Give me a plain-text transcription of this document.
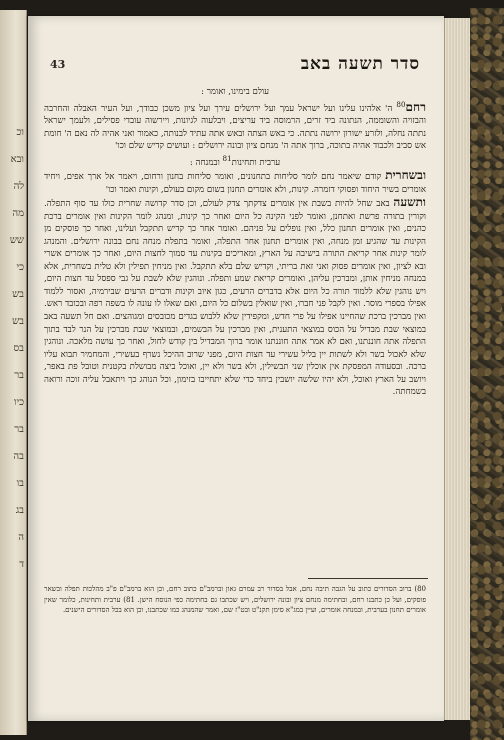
וכ
ובא
לה
מה
שש
כי
בש
בש
בס
בר
כיו
בר
בה
בו
בג
ה
ד
43	סדר תשעה באב

עולם בימינו, ואומר :

רחם$^{80}$ ה' אלהינו עלינו ועל ישראל עמך ועל ירושלים עירך ועל ציון משכן כבודך, ועל העיר האבלה והחרבה והבזויה והשוממה, הנתונה ביד זרים, הרמוסה ביד עריצים, ויבלעוה לגיונות, ויירשוה עובדי פסילים, ולעמך ישראל נתתה נחלה, ולזרע ישורון ירושה נתתה. כי באש הצתה ובאש אתה עתיד לבנותה, כאמור ואני אהיה לה נאם ה' חומת אש סביב ולכבוד אהיה בתוכה, ברוך אתה ה' מנחם ציון ובונה ירושלים : ועושים קדיש שלם וכו'

ערבית ותחינות$^{81}$ ובמנחה :

ובשחרית קודם שיאמר נחם לומר סליחות בתחנונים, ואומר סליחות בחנון ורחום, ויאמר אל ארך אפים, ויחיד אומרים בשיר היחוד ופסוקי דזמרה. קינות, ולא אומרים תחנון בשום מקום בעולם, וקינות ואמר וכו'

ותשעה באב שחל להיות בשבת אין אומרים צדקתך צדק לעולם, וכן סדר קדושה שחרית כולו עד סוף התפלה. וקורין בתורה פרשת ואתחנן, ואומר לפני הקינה כל היום ואחר כך קינות, ומנהג לומר הקינות ואין אומרים ברכת כהנים, ואין אומרים תחנון כלל, ואין נופלים על פניהם. ואומר אחר כך קדיש תתקבל ועלינו, ואחר כך פוסקים מן הקינות עד שהגיע זמן מנחה, ואין אומרים תחנון אחר התפלה, ואומר בתפלת מנחה נחם בבונה ירושלים. והמנהג לומר קינות אחר קריאת התורה בישיבה על הארץ, ומאריכים בקינות עד סמוך לחצות היום, ואחר כך אומרים אשרי ובא לציון, ואין אומרים פסוק ואני זאת בריתי, וקדיש שלם בלא תתקבל. ואין מניחין תפילין ולא טלית בשחרית, אלא במנחה מניחין אותן, ומברכין עליהן, ואומרים קריאת שמע ותפלה. ונוהגין שלא לשבת על גבי ספסל עד חצות היום, ויש נוהגין שלא ללמוד תורה כל היום אלא בדברים הרעים, כגון איוב וקינות ודברים הרעים שבירמיה, ואסור ללמוד אפילו בספרי מוסר. ואין לקבל פני חברו, ואין שואלין בשלום כל היום, ואם שאלו לו עונה לו בשפה רפה ובכובד ראש. ואין מברכין ברכת שהחיינו אפילו על פרי חדש, ומקפידין שלא ללבוש בגדים מכובסים ומגוהצים. ואם חל תשעה באב במוצאי שבת מבדיל על הכוס במוצאי התענית, ואין מברכין על הבשמים, ובמוצאי שבת מברכין על הנר לבד בתוך התפלה אתה חוננתנו, ואם לא אמר אתה חוננתנו אומר ברוך המבדיל בין קודש לחול, ואחר כך עושה מלאכה. ונוהגין שלא לאכול בשר ולא לשתות יין בליל עשירי עד חצות היום, מפני שרוב ההיכל נשרף בעשירי, והמחמיר תבוא עליו ברכה. ובסעודה המפסקת אין אוכלין שני תבשילין, ולא בשר ולא יין, ואוכל ביצה מבושלת בקטנית וטובל פת באפר, ויושב על הארץ ואוכל, ולא יהיו שלשה יושבין ביחד כדי שלא יתחייבו בזימון, וכל הנוהג כך ויתאבל עליה זוכה ורואה בשמחתה.

80) ברוב הסדורים כתוב על הגבה תיבה נחם, אבל בסדור רב עמרם גאון וברמב"ם כתוב רחם, וכן הוא ברמב"ם פ"ב מהלכות תפלה ובשאר פוסקים, ועל כן כתבנו רחם, ובחתימה מנחם ציון ובונה ירושלים, ויש שכתבו גם בחתימה כפי הנוסח הישן. 81) ערבית ותחינות, כלומר שאין אומרים תחנון בערבית, ובמנחה אומרים, ועיין במג"א סימן תקנ"ט ובט"ז שם, ואמר שהמנהג כמו שכתבנו, וכן הוא בכל הסדורים הישנים.
